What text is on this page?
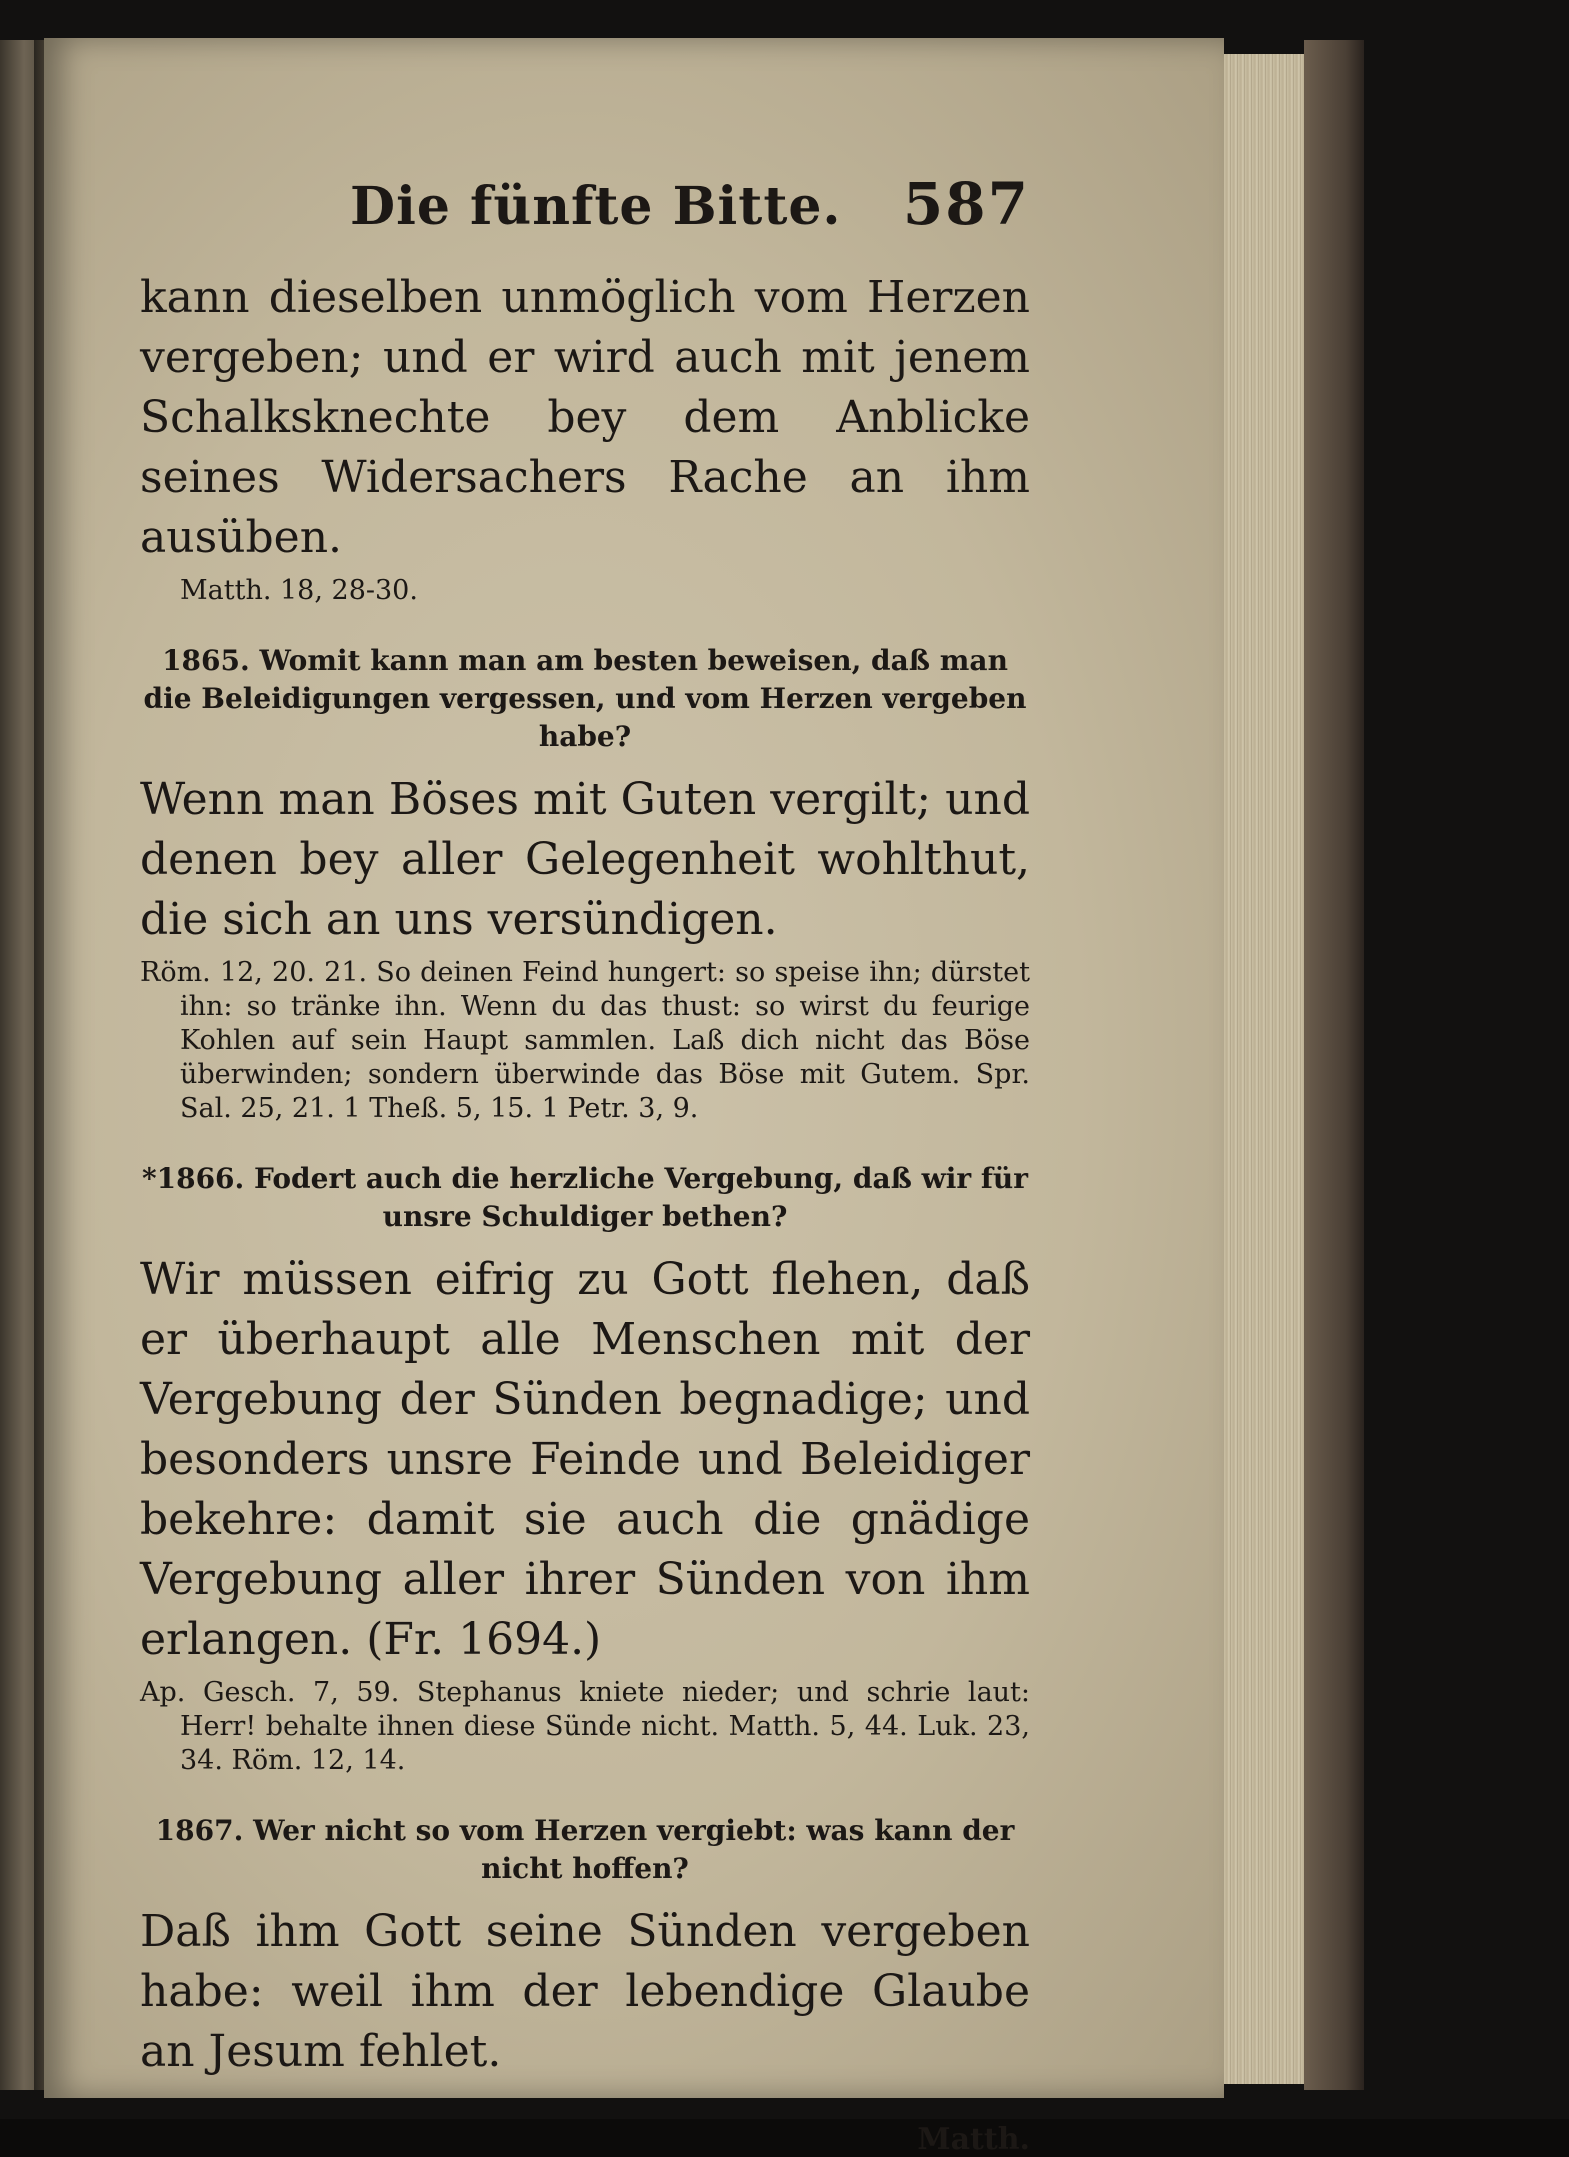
Die fünfte Bitte. 587

kann dieselben unmöglich vom Herzen vergeben; und er wird auch mit jenem Schalksknechte bey dem Anblicke seines Widersachers Rache an ihm ausüben.

Matth. 18, 28-30.

1865. Womit kann man am besten beweisen, daß man die Beleidigungen vergessen, und vom Herzen vergeben habe?

Wenn man Böses mit Guten vergilt; und denen bey aller Gelegenheit wohlthut, die sich an uns versündigen.

Röm. 12, 20. 21. So deinen Feind hungert: so speise ihn; dürstet ihn: so tränke ihn. Wenn du das thust: so wirst du feurige Kohlen auf sein Haupt sammlen. Laß dich nicht das Böse überwinden; sondern überwinde das Böse mit Gutem. Spr. Sal. 25, 21. 1 Theß. 5, 15. 1 Petr. 3, 9.

*1866. Fodert auch die herzliche Vergebung, daß wir für unsre Schuldiger bethen?

Wir müssen eifrig zu Gott flehen, daß er überhaupt alle Menschen mit der Vergebung der Sünden begnadige; und besonders unsre Feinde und Beleidiger bekehre: damit sie auch die gnädige Vergebung aller ihrer Sünden von ihm erlangen. (Fr. 1694.)

Ap. Gesch. 7, 59. Stephanus kniete nieder; und schrie laut: Herr! behalte ihnen diese Sünde nicht. Matth. 5, 44. Luk. 23, 34. Röm. 12, 14.

1867. Wer nicht so vom Herzen vergiebt: was kann der nicht hoffen?

Daß ihm Gott seine Sünden vergeben habe: weil ihm der lebendige Glaube an Jesum fehlet.

Matth.
